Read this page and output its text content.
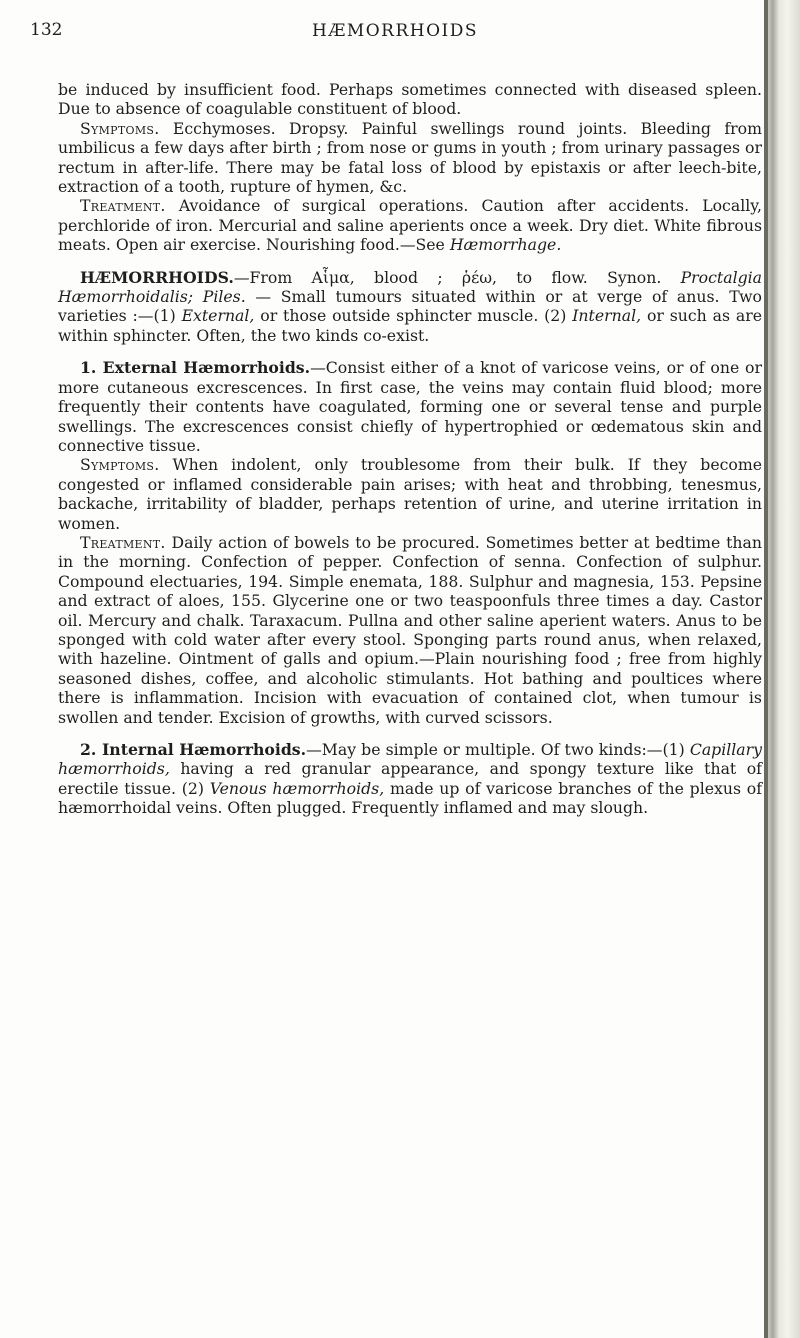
132	HÆMORRHOIDS

be induced by insufficient food. Perhaps sometimes connected with diseased spleen. Due to absence of coagulable constituent of blood.

Symptoms. Ecchymoses. Dropsy. Painful swellings round joints. Bleeding from umbilicus a few days after birth ; from nose or gums in youth ; from urinary passages or rectum in after-life. There may be fatal loss of blood by epistaxis or after leech-bite, extraction of a tooth, rupture of hymen, &c.

Treatment. Avoidance of surgical operations. Caution after accidents. Locally, perchloride of iron. Mercurial and saline aperients once a week. Dry diet. White fibrous meats. Open air exercise. Nourishing food.—See Hæmorrhage.

HÆMORRHOIDS.—From Αἷμα, blood ; ῥέω, to flow. Synon. Proctalgia Hæmorrhoidalis; Piles. — Small tumours situated within or at verge of anus. Two varieties :—(1) External, or those outside sphincter muscle. (2) Internal, or such as are within sphincter. Often, the two kinds co-exist.

1. External Hæmorrhoids.—Consist either of a knot of varicose veins, or of one or more cutaneous excrescences. In first case, the veins may contain fluid blood; more frequently their contents have coagulated, forming one or several tense and purple swellings. The excrescences consist chiefly of hypertrophied or œdematous skin and connective tissue.

Symptoms. When indolent, only troublesome from their bulk. If they become congested or inflamed considerable pain arises; with heat and throbbing, tenesmus, backache, irritability of bladder, perhaps retention of urine, and uterine irritation in women.

Treatment. Daily action of bowels to be procured. Sometimes better at bedtime than in the morning. Confection of pepper. Confection of senna. Confection of sulphur. Compound electuaries, 194. Simple enemata, 188. Sulphur and magnesia, 153. Pepsine and extract of aloes, 155. Glycerine one or two teaspoonfuls three times a day. Castor oil. Mercury and chalk. Taraxacum. Pullna and other saline aperient waters. Anus to be sponged with cold water after every stool. Sponging parts round anus, when relaxed, with hazeline. Ointment of galls and opium.—Plain nourishing food ; free from highly seasoned dishes, coffee, and alcoholic stimulants. Hot bathing and poultices where there is inflammation. Incision with evacuation of contained clot, when tumour is swollen and tender. Excision of growths, with curved scissors.

2. Internal Hæmorrhoids.—May be simple or multiple. Of two kinds:—(1) Capillary hæmorrhoids, having a red granular appearance, and spongy texture like that of erectile tissue. (2) Venous hæmorrhoids, made up of varicose branches of the plexus of hæmorrhoidal veins. Often plugged. Frequently inflamed and may slough.
